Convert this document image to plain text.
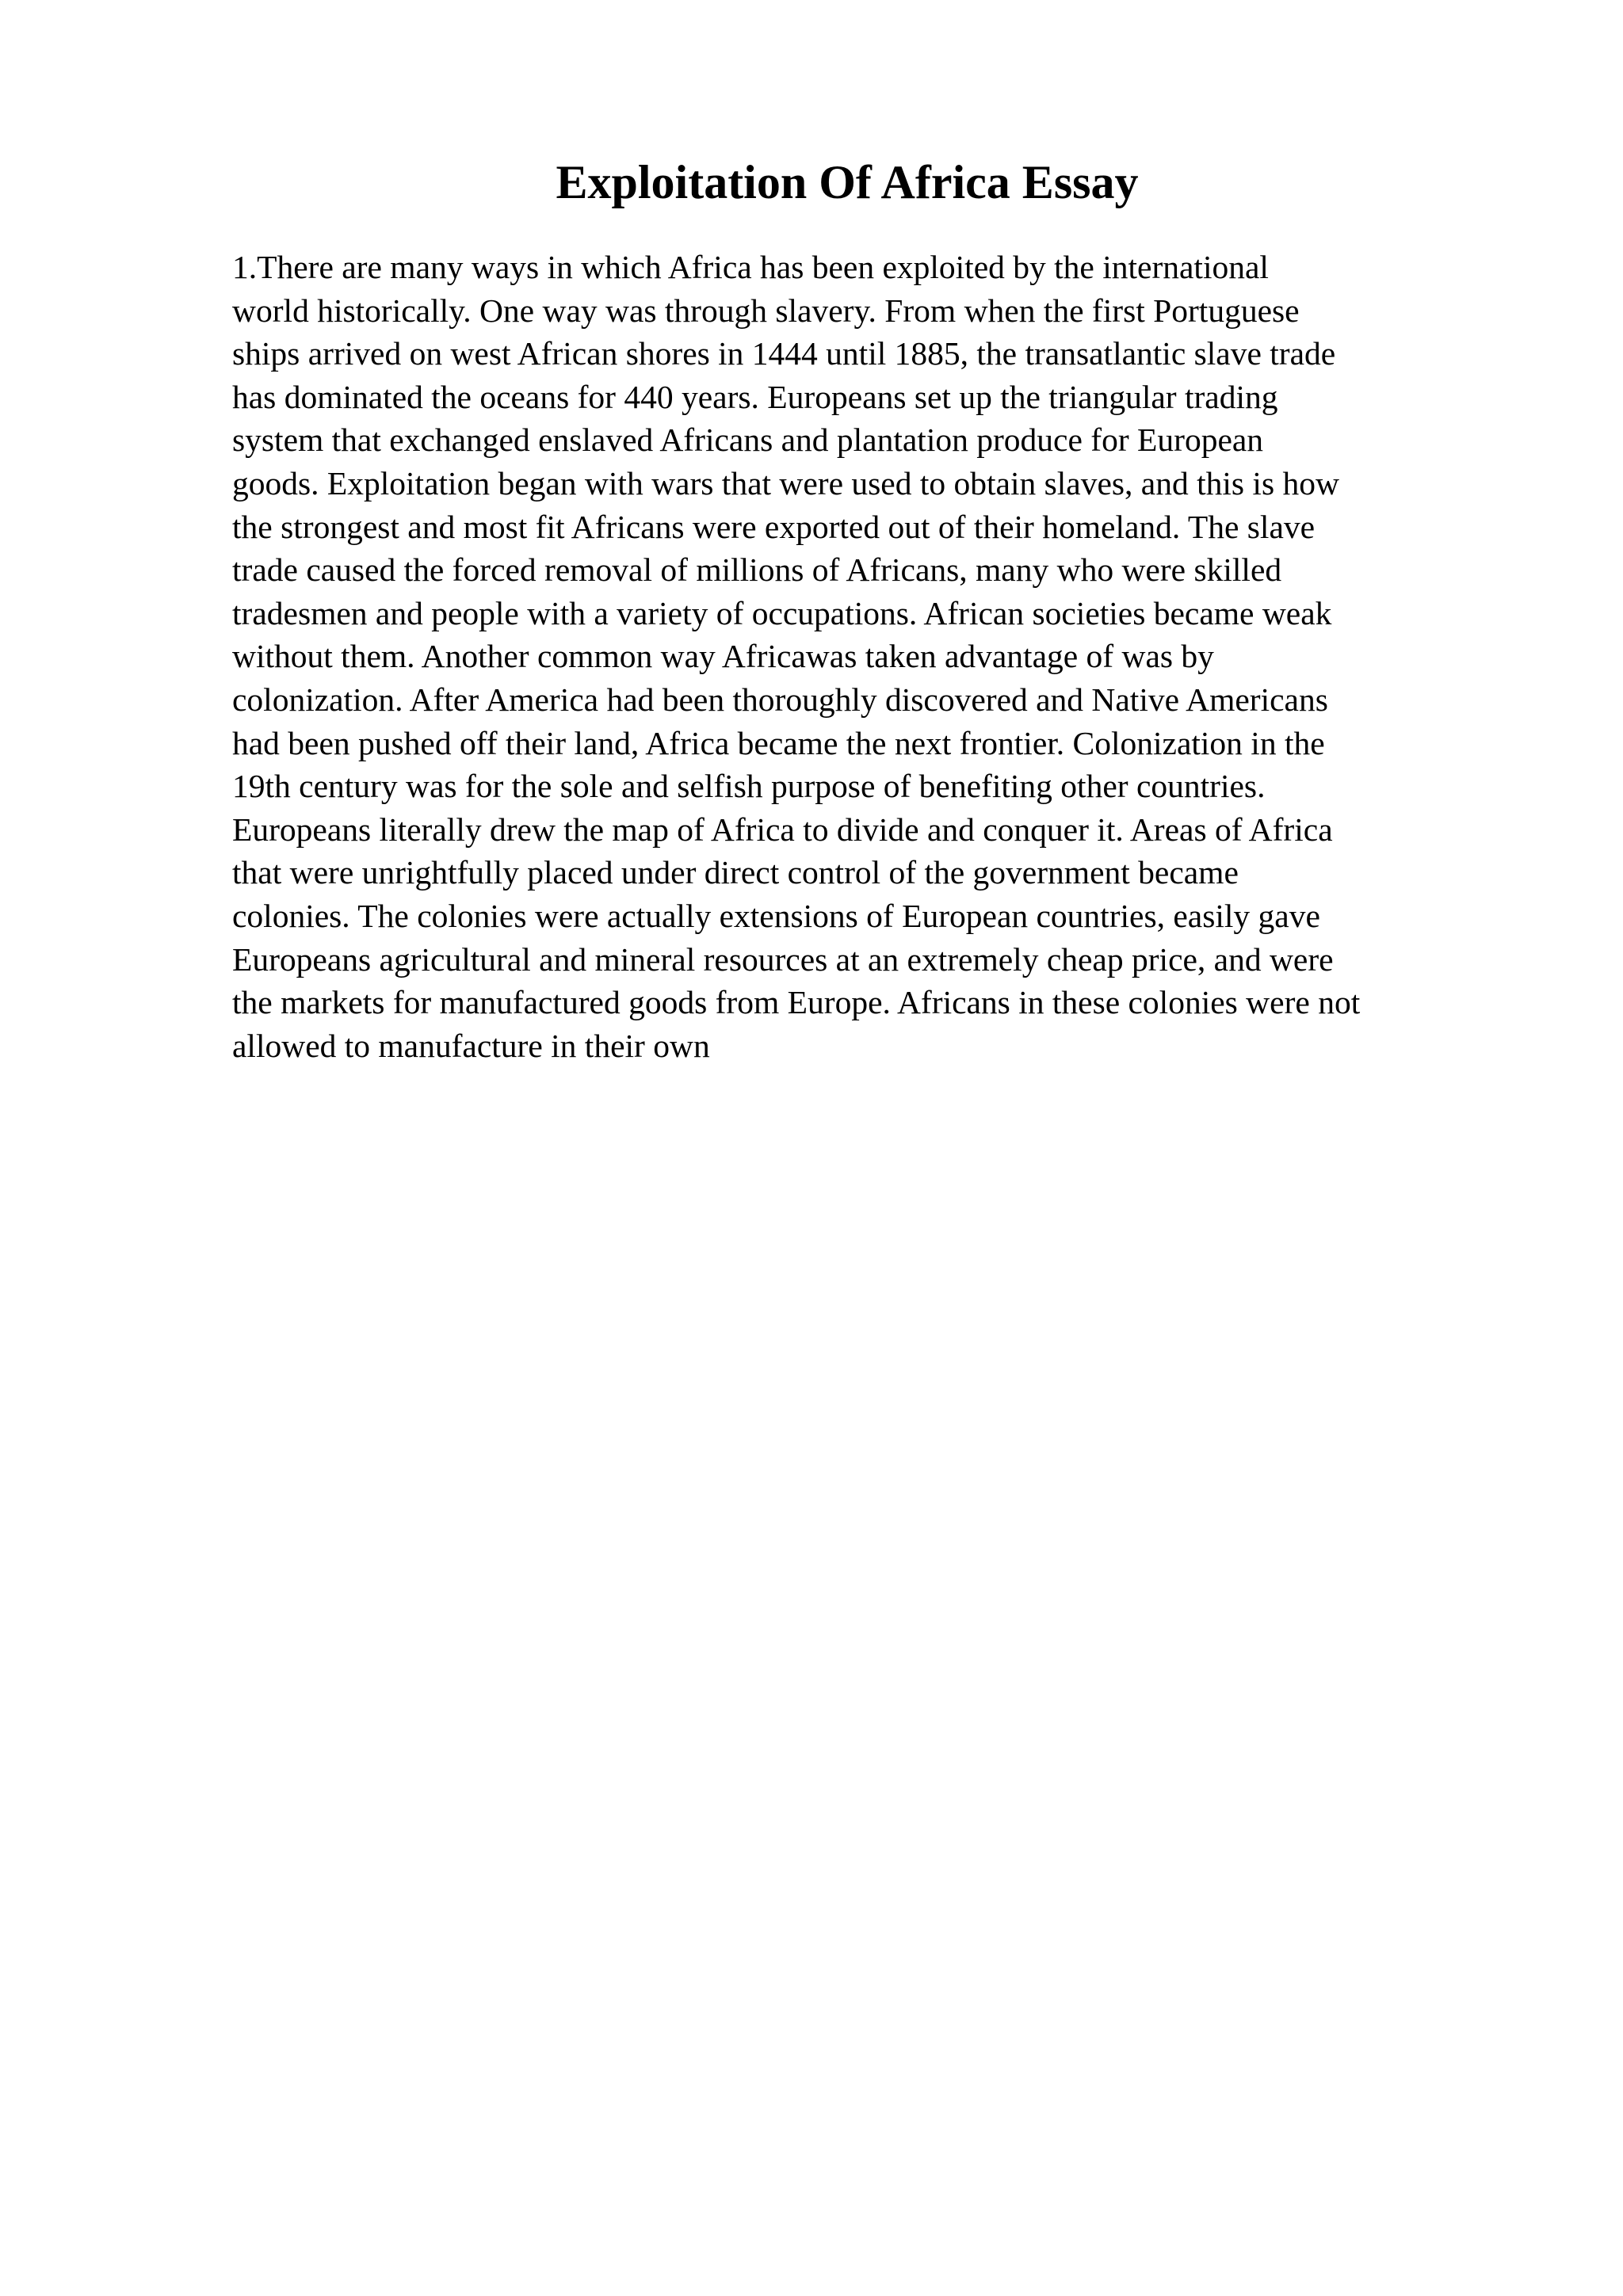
Exploitation Of Africa Essay
1.There are many ways in which Africa has been exploited by the international
world historically. One way was through slavery. From when the first Portuguese
ships arrived on west African shores in 1444 until 1885, the transatlantic slave trade
has dominated the oceans for 440 years. Europeans set up the triangular trading
system that exchanged enslaved Africans and plantation produce for European
goods. Exploitation began with wars that were used to obtain slaves, and this is how
the strongest and most fit Africans were exported out of their homeland. The slave
trade caused the forced removal of millions of Africans, many who were skilled
tradesmen and people with a variety of occupations. African societies became weak
without them. Another common way Africawas taken advantage of was by
colonization. After America had been thoroughly discovered and Native Americans
had been pushed off their land, Africa became the next frontier. Colonization in the
19th century was for the sole and selfish purpose of benefiting other countries.
Europeans literally drew the map of Africa to divide and conquer it. Areas of Africa
that were unrightfully placed under direct control of the government became
colonies. The colonies were actually extensions of European countries, easily gave
Europeans agricultural and mineral resources at an extremely cheap price, and were
the markets for manufactured goods from Europe. Africans in these colonies were not
allowed to manufacture in their own
